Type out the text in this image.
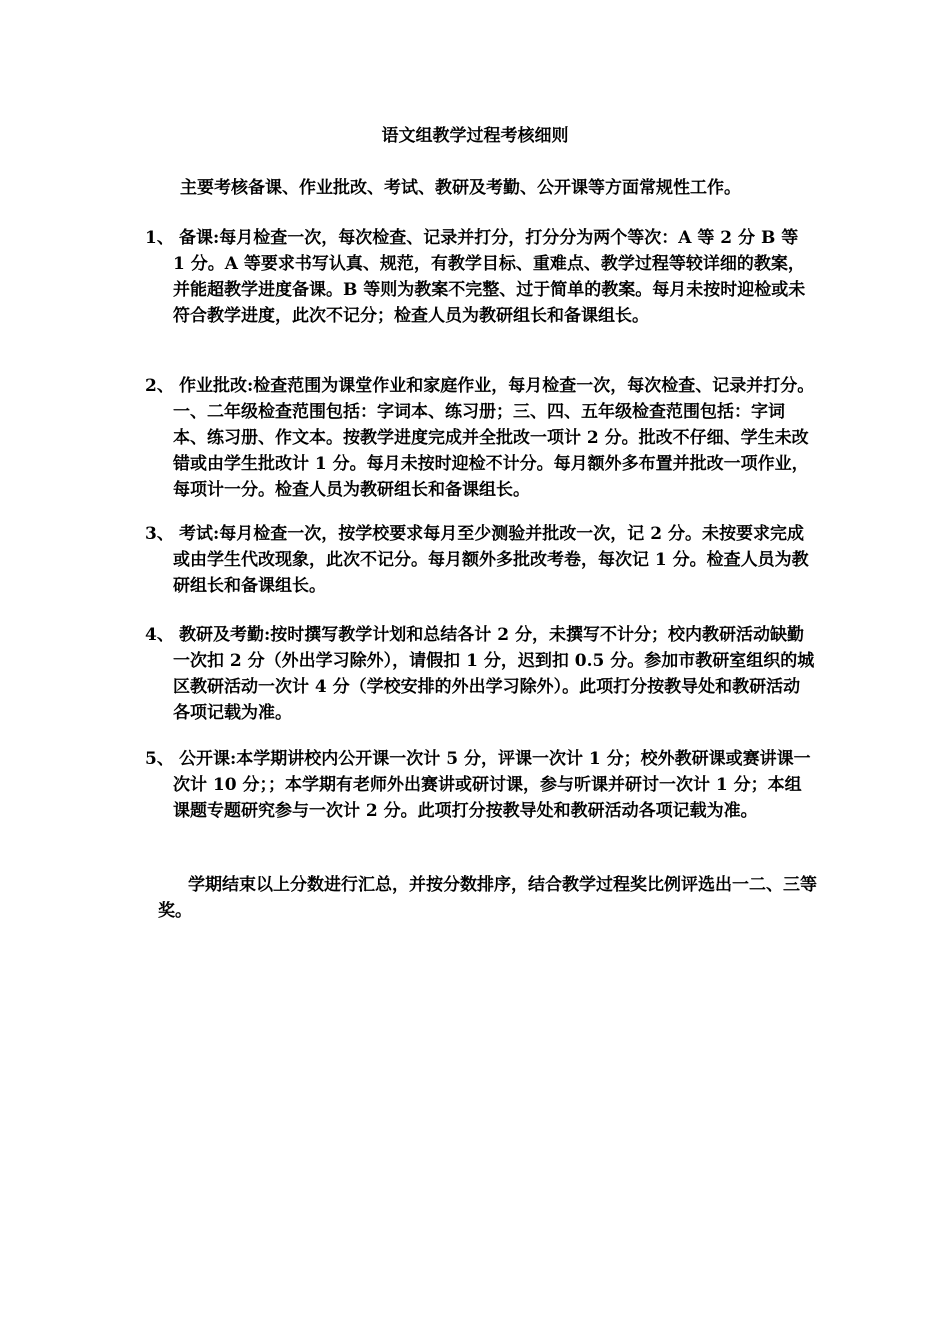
语文组教学过程考核细则
主要考核备课、作业批改、考试、教研及考勤、公开课等方面常规性工作。
1、 备课:每月检查一次，每次检查、记录并打分，打分分为两个等次：A 等 2 分 B 等 1 分。A 等要求书写认真、规范，有教学目标、重难点、教学过程等较详细的教案，并能超教学进度备课。B 等则为教案不完整、过于简单的教案。每月未按时迎检或未符合教学进度，此次不记分；检查人员为教研组长和备课组长。
2、 作业批改:检查范围为课堂作业和家庭作业，每月检查一次，每次检查、记录并打分。一、二年级检查范围包括：字词本、练习册；三、四、五年级检查范围包括：字词本、练习册、作文本。按教学进度完成并全批改一项计 2 分。批改不仔细、学生未改错或由学生批改计 1 分。每月未按时迎检不计分。每月额外多布置并批改一项作业，每项计一分。检查人员为教研组长和备课组长。
3、 考试:每月检查一次，按学校要求每月至少测验并批改一次，记 2 分。未按要求完成或由学生代改现象，此次不记分。每月额外多批改考卷，每次记 1 分。检查人员为教研组长和备课组长。
4、 教研及考勤:按时撰写教学计划和总结各计 2 分，未撰写不计分；校内教研活动缺勤一次扣 2 分（外出学习除外），请假扣 1 分，迟到扣 0.5 分。参加市教研室组织的城区教研活动一次计 4 分（学校安排的外出学习除外）。此项打分按教导处和教研活动各项记载为准。
5、 公开课:本学期讲校内公开课一次计 5 分，评课一次计 1 分；校外教研课或赛讲课一次计 10 分；；本学期有老师外出赛讲或研讨课，参与听课并研讨一次计 1 分；本组课题专题研究参与一次计 2 分。此项打分按教导处和教研活动各项记载为准。
学期结束以上分数进行汇总，并按分数排序，结合教学过程奖比例评选出一二、三等奖。
